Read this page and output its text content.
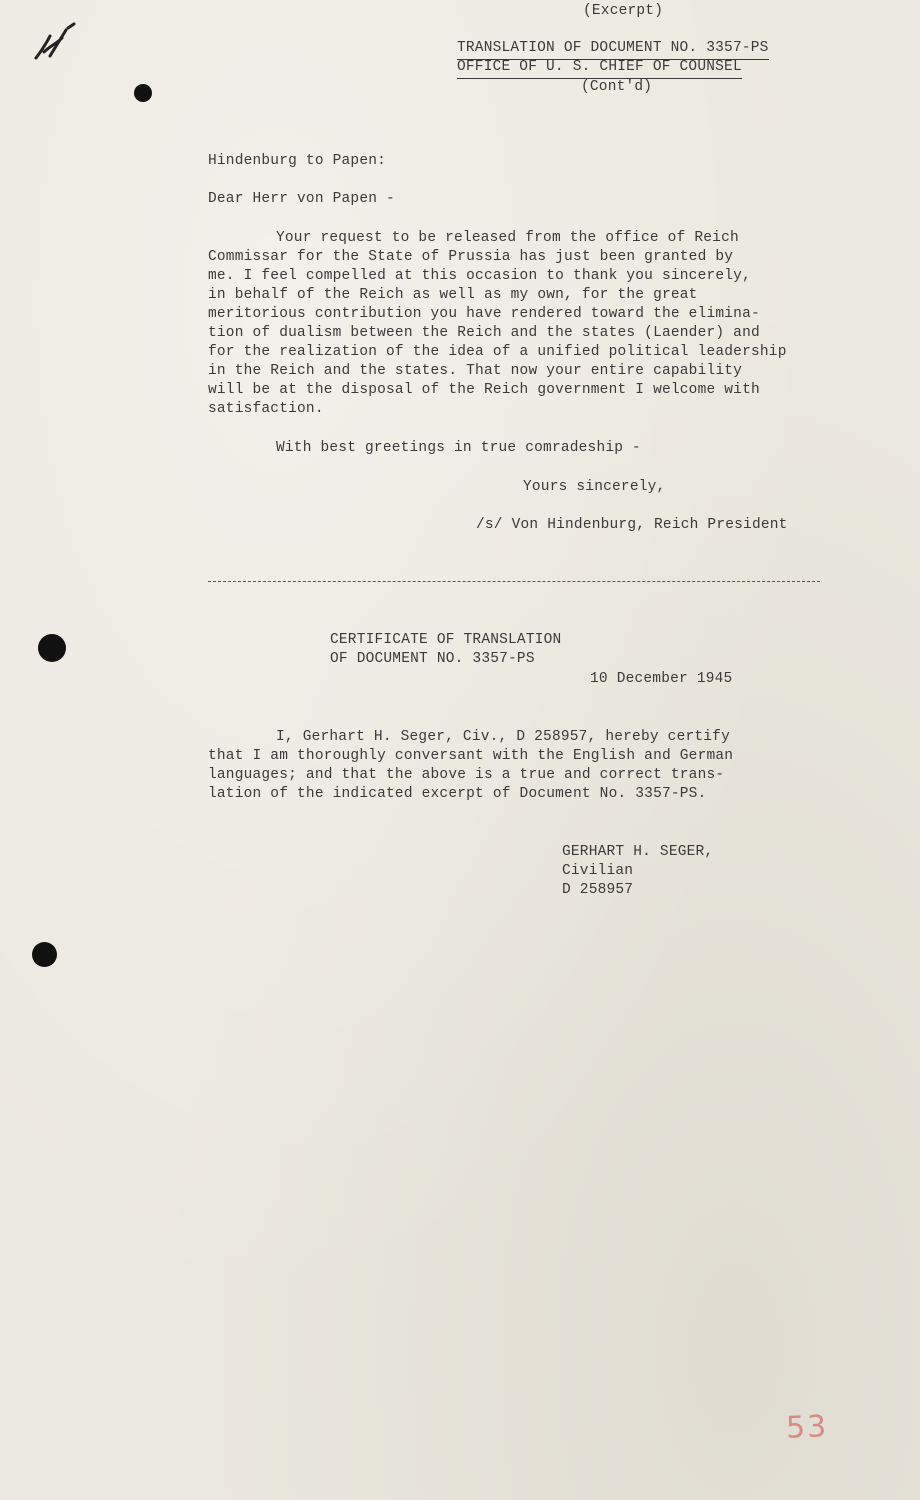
(Excerpt)
TRANSLATION OF DOCUMENT NO. 3357-PS
OFFICE OF U. S. CHIEF OF COUNSEL
(Cont'd)
Hindenburg to Papen:
Dear Herr von Papen -
Your request to be released from the office of Reich
Commissar for the State of Prussia has just been granted by
me. I feel compelled at this occasion to thank you sincerely,
in behalf of the Reich as well as my own, for the great
meritorious contribution you have rendered toward the elimina-
tion of dualism between the Reich and the states (Laender) and
for the realization of the idea of a unified political leadership
in the Reich and the states. That now your entire capability
will be at the disposal of the Reich government I welcome with
satisfaction.
With best greetings in true comradeship -
Yours sincerely,
/s/ Von Hindenburg, Reich President
CERTIFICATE OF TRANSLATION
OF DOCUMENT NO. 3357-PS
10 December 1945
I, Gerhart H. Seger, Civ., D 258957, hereby certify
that I am thoroughly conversant with the English and German
languages; and that the above is a true and correct trans-
lation of the indicated excerpt of Document No. 3357-PS.
GERHART H. SEGER,
Civilian
D 258957
53
